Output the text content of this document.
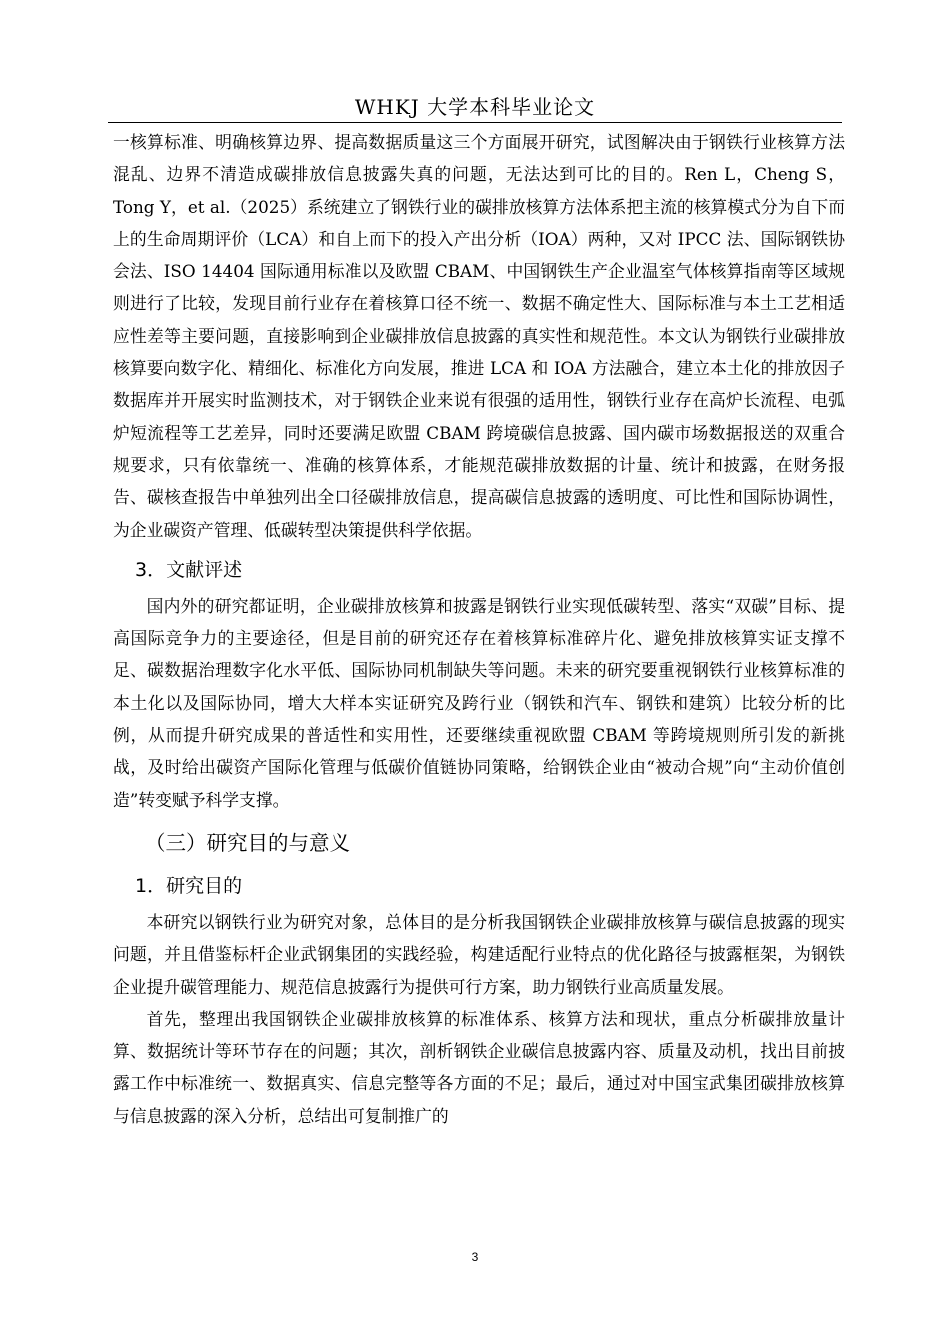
WHKJ 大学本科毕业论文

一核算标准、明确核算边界、提高数据质量这三个方面展开研究，试图解决由于钢铁行业核算方法混乱、边界不清造成碳排放信息披露失真的问题，无法达到可比的目的。Ren L，Cheng S，Tong Y，et al.（2025）系统建立了钢铁行业的碳排放核算方法体系把主流的核算模式分为自下而上的生命周期评价（LCA）和自上而下的投入产出分析（IOA）两种，又对 IPCC 法、国际钢铁协会法、ISO 14404 国际通用标准以及欧盟 CBAM、中国钢铁生产企业温室气体核算指南等区域规则进行了比较，发现目前行业存在着核算口径不统一、数据不确定性大、国际标准与本土工艺相适应性差等主要问题，直接影响到企业碳排放信息披露的真实性和规范性。本文认为钢铁行业碳排放核算要向数字化、精细化、标准化方向发展，推进 LCA 和 IOA 方法融合，建立本土化的排放因子数据库并开展实时监测技术，对于钢铁企业来说有很强的适用性，钢铁行业存在高炉长流程、电弧炉短流程等工艺差异，同时还要满足欧盟 CBAM 跨境碳信息披露、国内碳市场数据报送的双重合规要求，只有依靠统一、准确的核算体系，才能规范碳排放数据的计量、统计和披露，在财务报告、碳核查报告中单独列出全口径碳排放信息，提高碳信息披露的透明度、可比性和国际协调性，为企业碳资产管理、低碳转型决策提供科学依据。

3．文献评述

国内外的研究都证明，企业碳排放核算和披露是钢铁行业实现低碳转型、落实“双碳”目标、提高国际竞争力的主要途径，但是目前的研究还存在着核算标准碎片化、避免排放核算实证支撑不足、碳数据治理数字化水平低、国际协同机制缺失等问题。未来的研究要重视钢铁行业核算标准的本土化以及国际协同，增大大样本实证研究及跨行业（钢铁和汽车、钢铁和建筑）比较分析的比例，从而提升研究成果的普适性和实用性，还要继续重视欧盟 CBAM 等跨境规则所引发的新挑战，及时给出碳资产国际化管理与低碳价值链协同策略，给钢铁企业由“被动合规”向“主动价值创造”转变赋予科学支撑。

（三）研究目的与意义

1．研究目的

本研究以钢铁行业为研究对象，总体目的是分析我国钢铁企业碳排放核算与碳信息披露的现实问题，并且借鉴标杆企业武钢集团的实践经验，构建适配行业特点的优化路径与披露框架，为钢铁企业提升碳管理能力、规范信息披露行为提供可行方案，助力钢铁行业高质量发展。

首先，整理出我国钢铁企业碳排放核算的标准体系、核算方法和现状，重点分析碳排放量计算、数据统计等环节存在的问题；其次，剖析钢铁企业碳信息披露内容、质量及动机，找出目前披露工作中标准统一、数据真实、信息完整等各方面的不足；最后，通过对中国宝武集团碳排放核算与信息披露的深入分析，总结出可复制推广的

3
